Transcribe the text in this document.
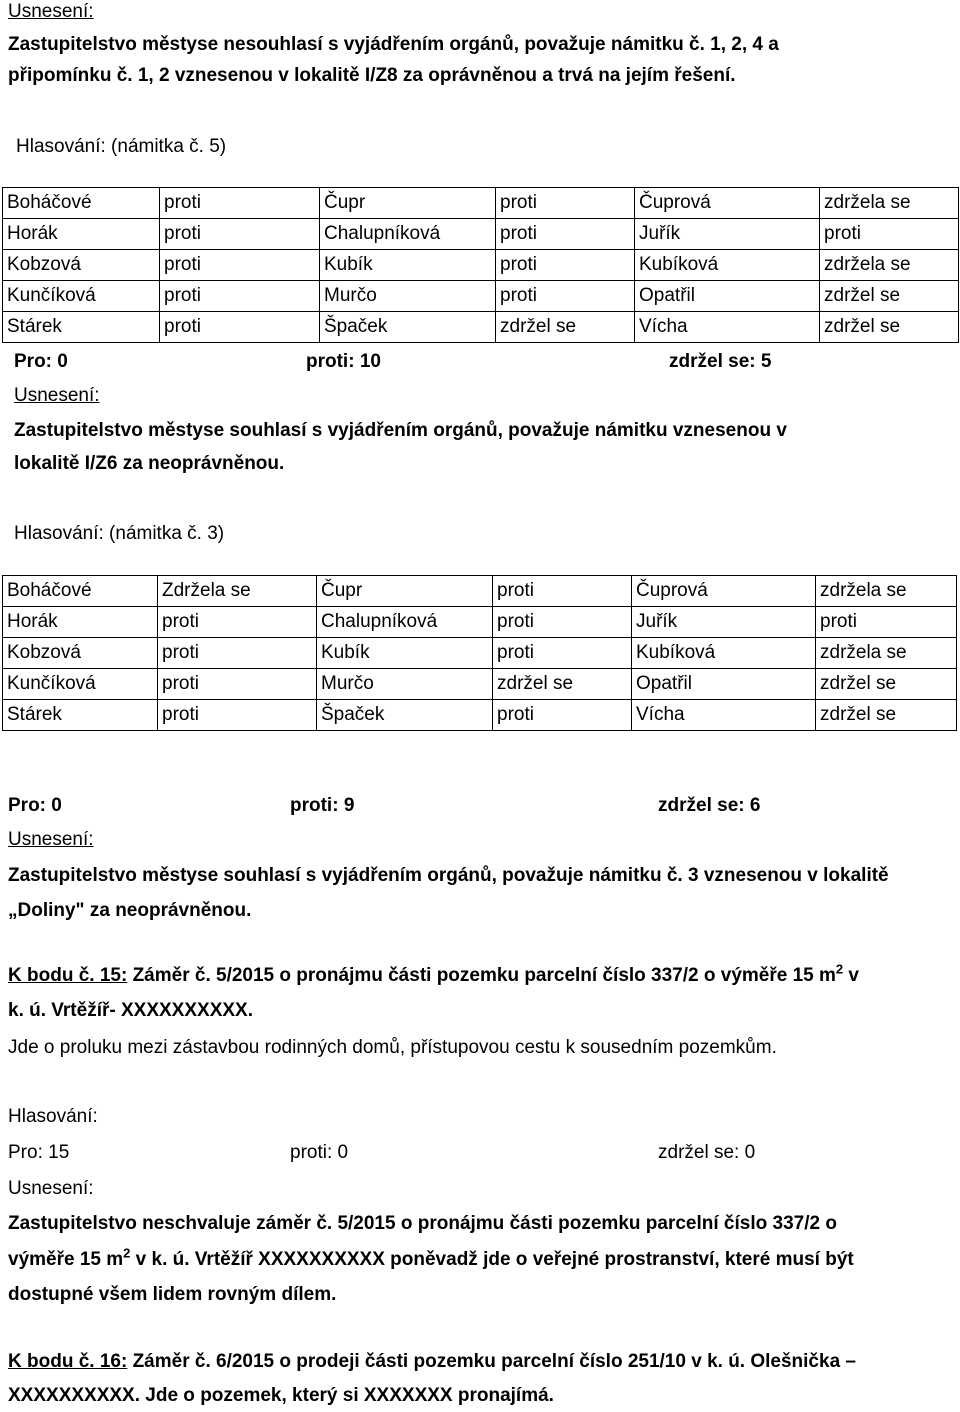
Usnesení:
Zastupitelstvo městyse nesouhlasí s vyjádřením orgánů, považuje námitku č. 1, 2, 4 a
připomínku č. 1, 2 vznesenou v lokalitě I/Z8 za oprávněnou a trvá na jejím řešení.
Hlasování: (námitka č. 5)
Boháčové	proti	Čupr	proti	Čuprová	zdržela se
Horák	proti	Chalupníková	proti	Juřík	proti
Kobzová	proti	Kubík	proti	Kubíková	zdržela se
Kunčíková	proti	Murčo	proti	Opatřil	zdržel se
Stárek	proti	Špaček	zdržel se	Vícha	zdržel se
Pro: 0	proti: 10	zdržel se: 5
Usnesení:
Zastupitelstvo městyse souhlasí s vyjádřením orgánů, považuje námitku vznesenou v
lokalitě I/Z6 za neoprávněnou.
Hlasování: (námitka č. 3)
Boháčové	Zdržela se	Čupr	proti	Čuprová	zdržela se
Horák	proti	Chalupníková	proti	Juřík	proti
Kobzová	proti	Kubík	proti	Kubíková	zdržela se
Kunčíková	proti	Murčo	zdržel se	Opatřil	zdržel se
Stárek	proti	Špaček	proti	Vícha	zdržel se
Pro: 0	proti: 9	zdržel se: 6
Usnesení:
Zastupitelstvo městyse souhlasí s vyjádřením orgánů, považuje námitku č. 3 vznesenou v lokalitě
„Doliny" za neoprávněnou.
K bodu č. 15: Záměr č. 5/2015 o pronájmu části pozemku parcelní číslo 337/2 o výměře 15 $m^2$ v
k. ú. Vrtěžíř- XXXXXXXXXX.
Jde o proluku mezi zástavbou rodinných domů, přístupovou cestu k sousedním pozemkům.
Hlasování:
Pro: 15	proti: 0	zdržel se: 0
Usnesení:
Zastupitelstvo neschvaluje záměr č. 5/2015 o pronájmu části pozemku parcelní číslo 337/2 o
výměře 15 $m^2$ v k. ú. Vrtěžíř XXXXXXXXXX poněvadž jde o veřejné prostranství, které musí být
dostupné všem lidem rovným dílem.
K bodu č. 16: Záměr č. 6/2015 o prodeji části pozemku parcelní číslo 251/10 v k. ú. Olešnička –
XXXXXXXXXX. Jde o pozemek, který si XXXXXXX pronajímá.
